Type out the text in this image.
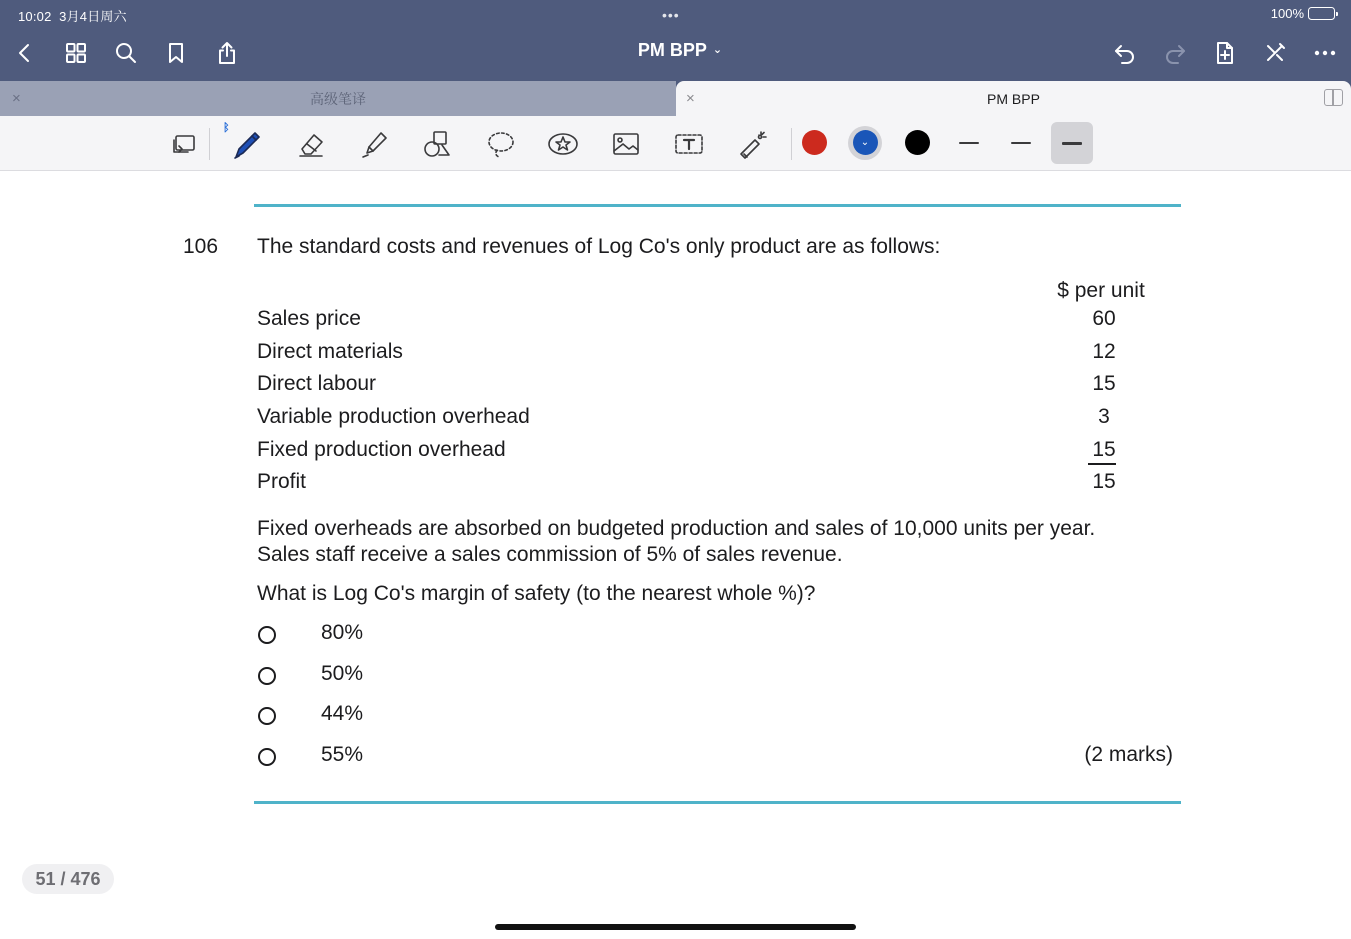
10:02 3月4日周六	•••	100%
PM BPP ⌄
×	高级笔译	×	PM BPP
ᛒ
⌄
106 The standard costs and revenues of Log Co's only product are as follows:
$ per unit
Sales price	60
Direct materials	12
Direct labour	15
Variable production overhead	3
Fixed production overhead	15
Profit	15
Fixed overheads are absorbed on budgeted production and sales of 10,000 units per year.
Sales staff receive a sales commission of 5% of sales revenue.
What is Log Co's margin of safety (to the nearest whole %)?
80%
50%
44%
55%	(2 marks)
51 / 476
